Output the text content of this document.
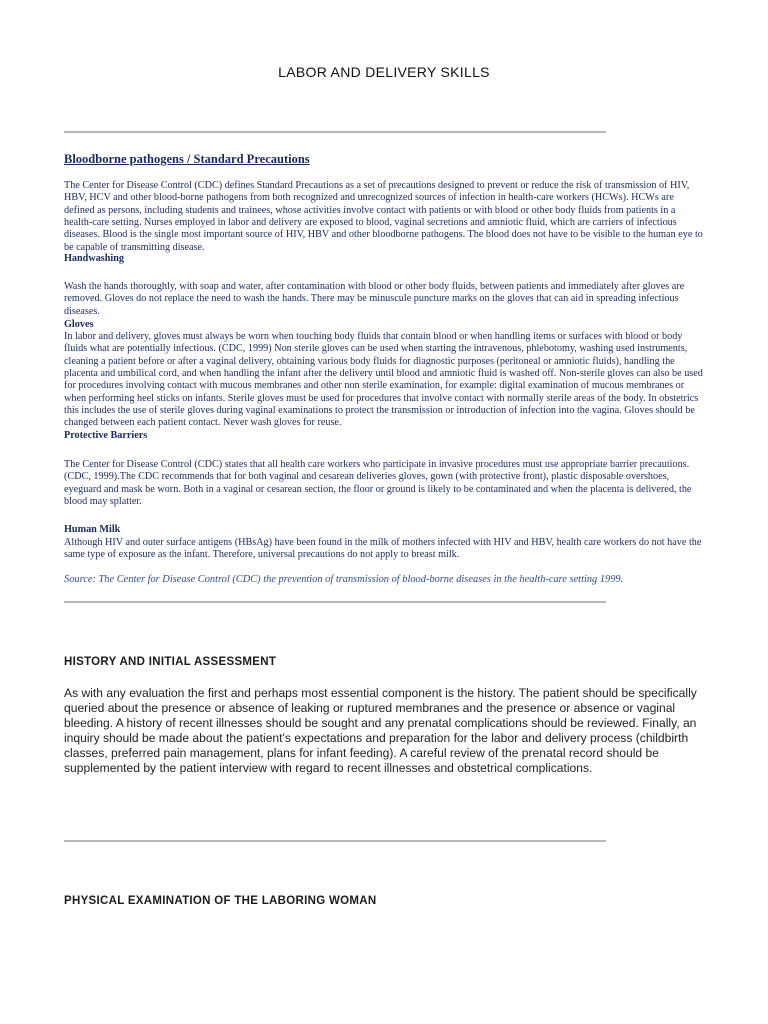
LABOR AND DELIVERY SKILLS
Bloodborne pathogens / Standard Precautions

The Center for Disease Control (CDC) defines Standard Precautions as a set of precautions designed to prevent or reduce the risk of transmission of HIV, HBV, HCV and other blood-borne pathogens from both recognized and unrecognized sources of infection in health-care workers (HCWs). HCWs are defined as persons, including students and trainees, whose activities involve contact with patients or with blood or other body fluids from patients in a health-care setting. Nurses employed in labor and delivery are exposed to blood, vaginal secretions and amniotic fluid, which are carriers of infectious diseases. Blood is the single most important source of HIV, HBV and other bloodborne pathogens. The blood does not have to be visible to the human eye to be capable of transmitting disease.

Handwashing

Wash the hands thoroughly, with soap and water, after contamination with blood or other body fluids, between patients and immediately after gloves are removed. Gloves do not replace the need to wash the hands. There may be minuscule puncture marks on the gloves that can aid in spreading infectious diseases.

Gloves

In labor and delivery, gloves must always be worn when touching body fluids that contain blood or when handling items or surfaces with blood or body fluids what are potentially infectious. (CDC, 1999) Non sterile gloves can be used when starting the intravenous, phlebotomy, washing used instruments, cleaning a patient before or after a vaginal delivery, obtaining various body fluids for diagnostic purposes (peritoneal or amniotic fluids), handling the placenta and umbilical cord, and when handling the infant after the delivery until blood and amniotic fluid is washed off. Non-sterile gloves can also be used for procedures involving contact with mucous membranes and other non sterile examination, for example: digital examination of mucous membranes or when performing heel sticks on infants. Sterile gloves must be used for procedures that involve contact with normally sterile areas of the body. In obstetrics this includes the use of sterile gloves during vaginal examinations to protect the transmission or introduction of infection into the vagina. Gloves should be changed between each patient contact. Never wash gloves for reuse.

Protective Barriers

The Center for Disease Control (CDC) states that all health care workers who participate in invasive procedures must use appropriate barrier precautions. (CDC, 1999).The CDC recommends that for both vaginal and cesarean deliveries gloves, gown (with protective front), plastic disposable overshoes, eyeguard and mask be worn. Both in a vaginal or cesarean section, the floor or ground is likely to be contaminated and when the placenta is delivered, the blood may splatter.

Human Milk

Although HIV and outer surface antigens (HBsAg) have been found in the milk of mothers infected with HIV and HBV, health care workers do not have the same type of exposure as the infant. Therefore, universal precautions do not apply to breast milk.

Source: The Center for Disease Control (CDC) the prevention of transmission of blood-borne diseases in the health-care setting 1999.

HISTORY AND INITIAL ASSESSMENT

As with any evaluation the first and perhaps most essential component is the history. The patient should be specifically queried about the presence or absence of leaking or ruptured membranes and the presence or absence or vaginal bleeding. A history of recent illnesses should be sought and any prenatal complications should be reviewed. Finally, an inquiry should be made about the patient's expectations and preparation for the labor and delivery process (childbirth classes, preferred pain management, plans for infant feeding). A careful review of the prenatal record should be supplemented by the patient interview with regard to recent illnesses and obstetrical complications.

PHYSICAL EXAMINATION OF THE LABORING WOMAN
